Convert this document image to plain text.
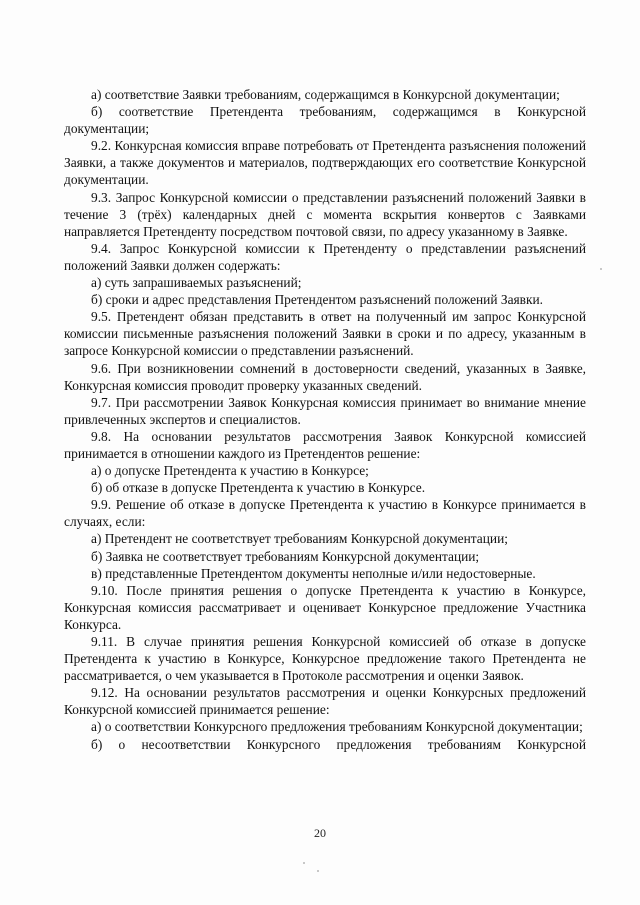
а) соответствие Заявки требованиям, содержащимся в Конкурсной документации;

б) соответствие Претендента требованиям, содержащимся в Конкурсной документации;

9.2. Конкурсная комиссия вправе потребовать от Претендента разъяснения положений Заявки, а также документов и материалов, подтверждающих его соответствие Конкурсной документации.

9.3. Запрос Конкурсной комиссии о представлении разъяснений положений Заявки в течение 3 (трёх) календарных дней с момента вскрытия конвертов с Заявками направляется Претенденту посредством почтовой связи, по адресу указанному в Заявке.

9.4. Запрос Конкурсной комиссии к Претенденту о представлении разъяснений положений Заявки должен содержать:

а) суть запрашиваемых разъяснений;

б) сроки и адрес представления Претендентом разъяснений положений Заявки.

9.5. Претендент обязан представить в ответ на полученный им запрос Конкурсной комиссии письменные разъяснения положений Заявки в сроки и по адресу, указанным в запросе Конкурсной комиссии о представлении разъяснений.

9.6. При возникновении сомнений в достоверности сведений, указанных в Заявке, Конкурсная комиссия проводит проверку указанных сведений.

9.7. При рассмотрении Заявок Конкурсная комиссия принимает во внимание мнение привлеченных экспертов и специалистов.

9.8. На основании результатов рассмотрения Заявок Конкурсной комиссией принимается в отношении каждого из Претендентов решение:

а) о допуске Претендента к участию в Конкурсе;

б) об отказе в допуске Претендента к участию в Конкурсе.

9.9. Решение об отказе в допуске Претендента к участию в Конкурсе принимается в случаях, если:

а) Претендент не соответствует требованиям Конкурсной документации;

б) Заявка не соответствует требованиям Конкурсной документации;

в) представленные Претендентом документы неполные и/или недостоверные.

9.10. После принятия решения о допуске Претендента к участию в Конкурсе, Конкурсная комиссия рассматривает и оценивает Конкурсное предложение Участника Конкурса.

9.11. В случае принятия решения Конкурсной комиссией об отказе в допуске Претендента к участию в Конкурсе, Конкурсное предложение такого Претендента не рассматривается, о чем указывается в Протоколе рассмотрения и оценки Заявок.

9.12. На основании результатов рассмотрения и оценки Конкурсных предложений Конкурсной комиссией принимается решение:

а) о соответствии Конкурсного предложения требованиям Конкурсной документации;

б) о несоответствии Конкурсного предложения требованиям Конкурсной

20
